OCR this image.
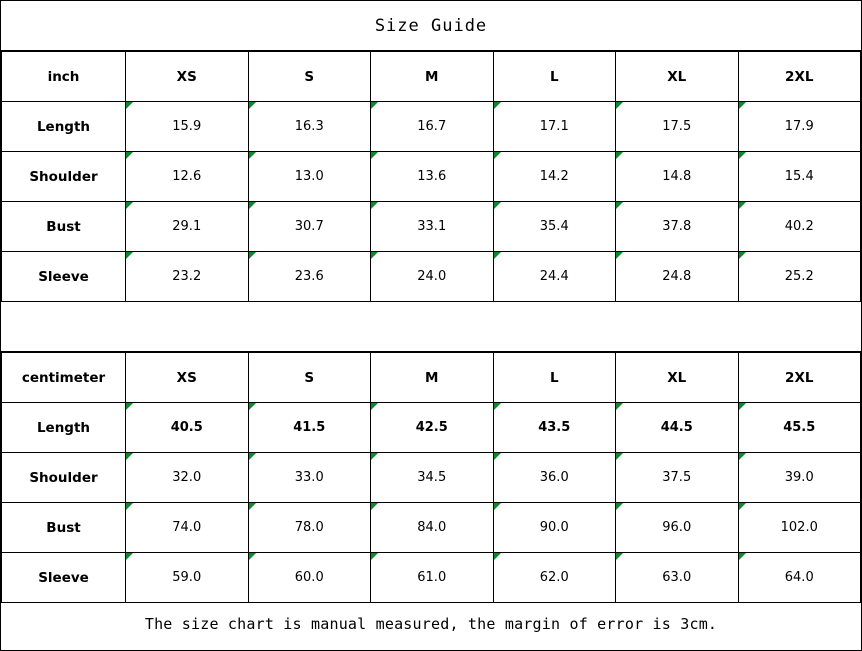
Size Guide
inch	XS	S	M	L	XL	2XL
Length	15.9	16.3	16.7	17.1	17.5	17.9
Shoulder	12.6	13.0	13.6	14.2	14.8	15.4
Bust	29.1	30.7	33.1	35.4	37.8	40.2
Sleeve	23.2	23.6	24.0	24.4	24.8	25.2
centimeter	XS	S	M	L	XL	2XL
Length	40.5	41.5	42.5	43.5	44.5	45.5
Shoulder	32.0	33.0	34.5	36.0	37.5	39.0
Bust	74.0	78.0	84.0	90.0	96.0	102.0
Sleeve	59.0	60.0	61.0	62.0	63.0	64.0
The size chart is manual measured, the margin of error is 3cm.
